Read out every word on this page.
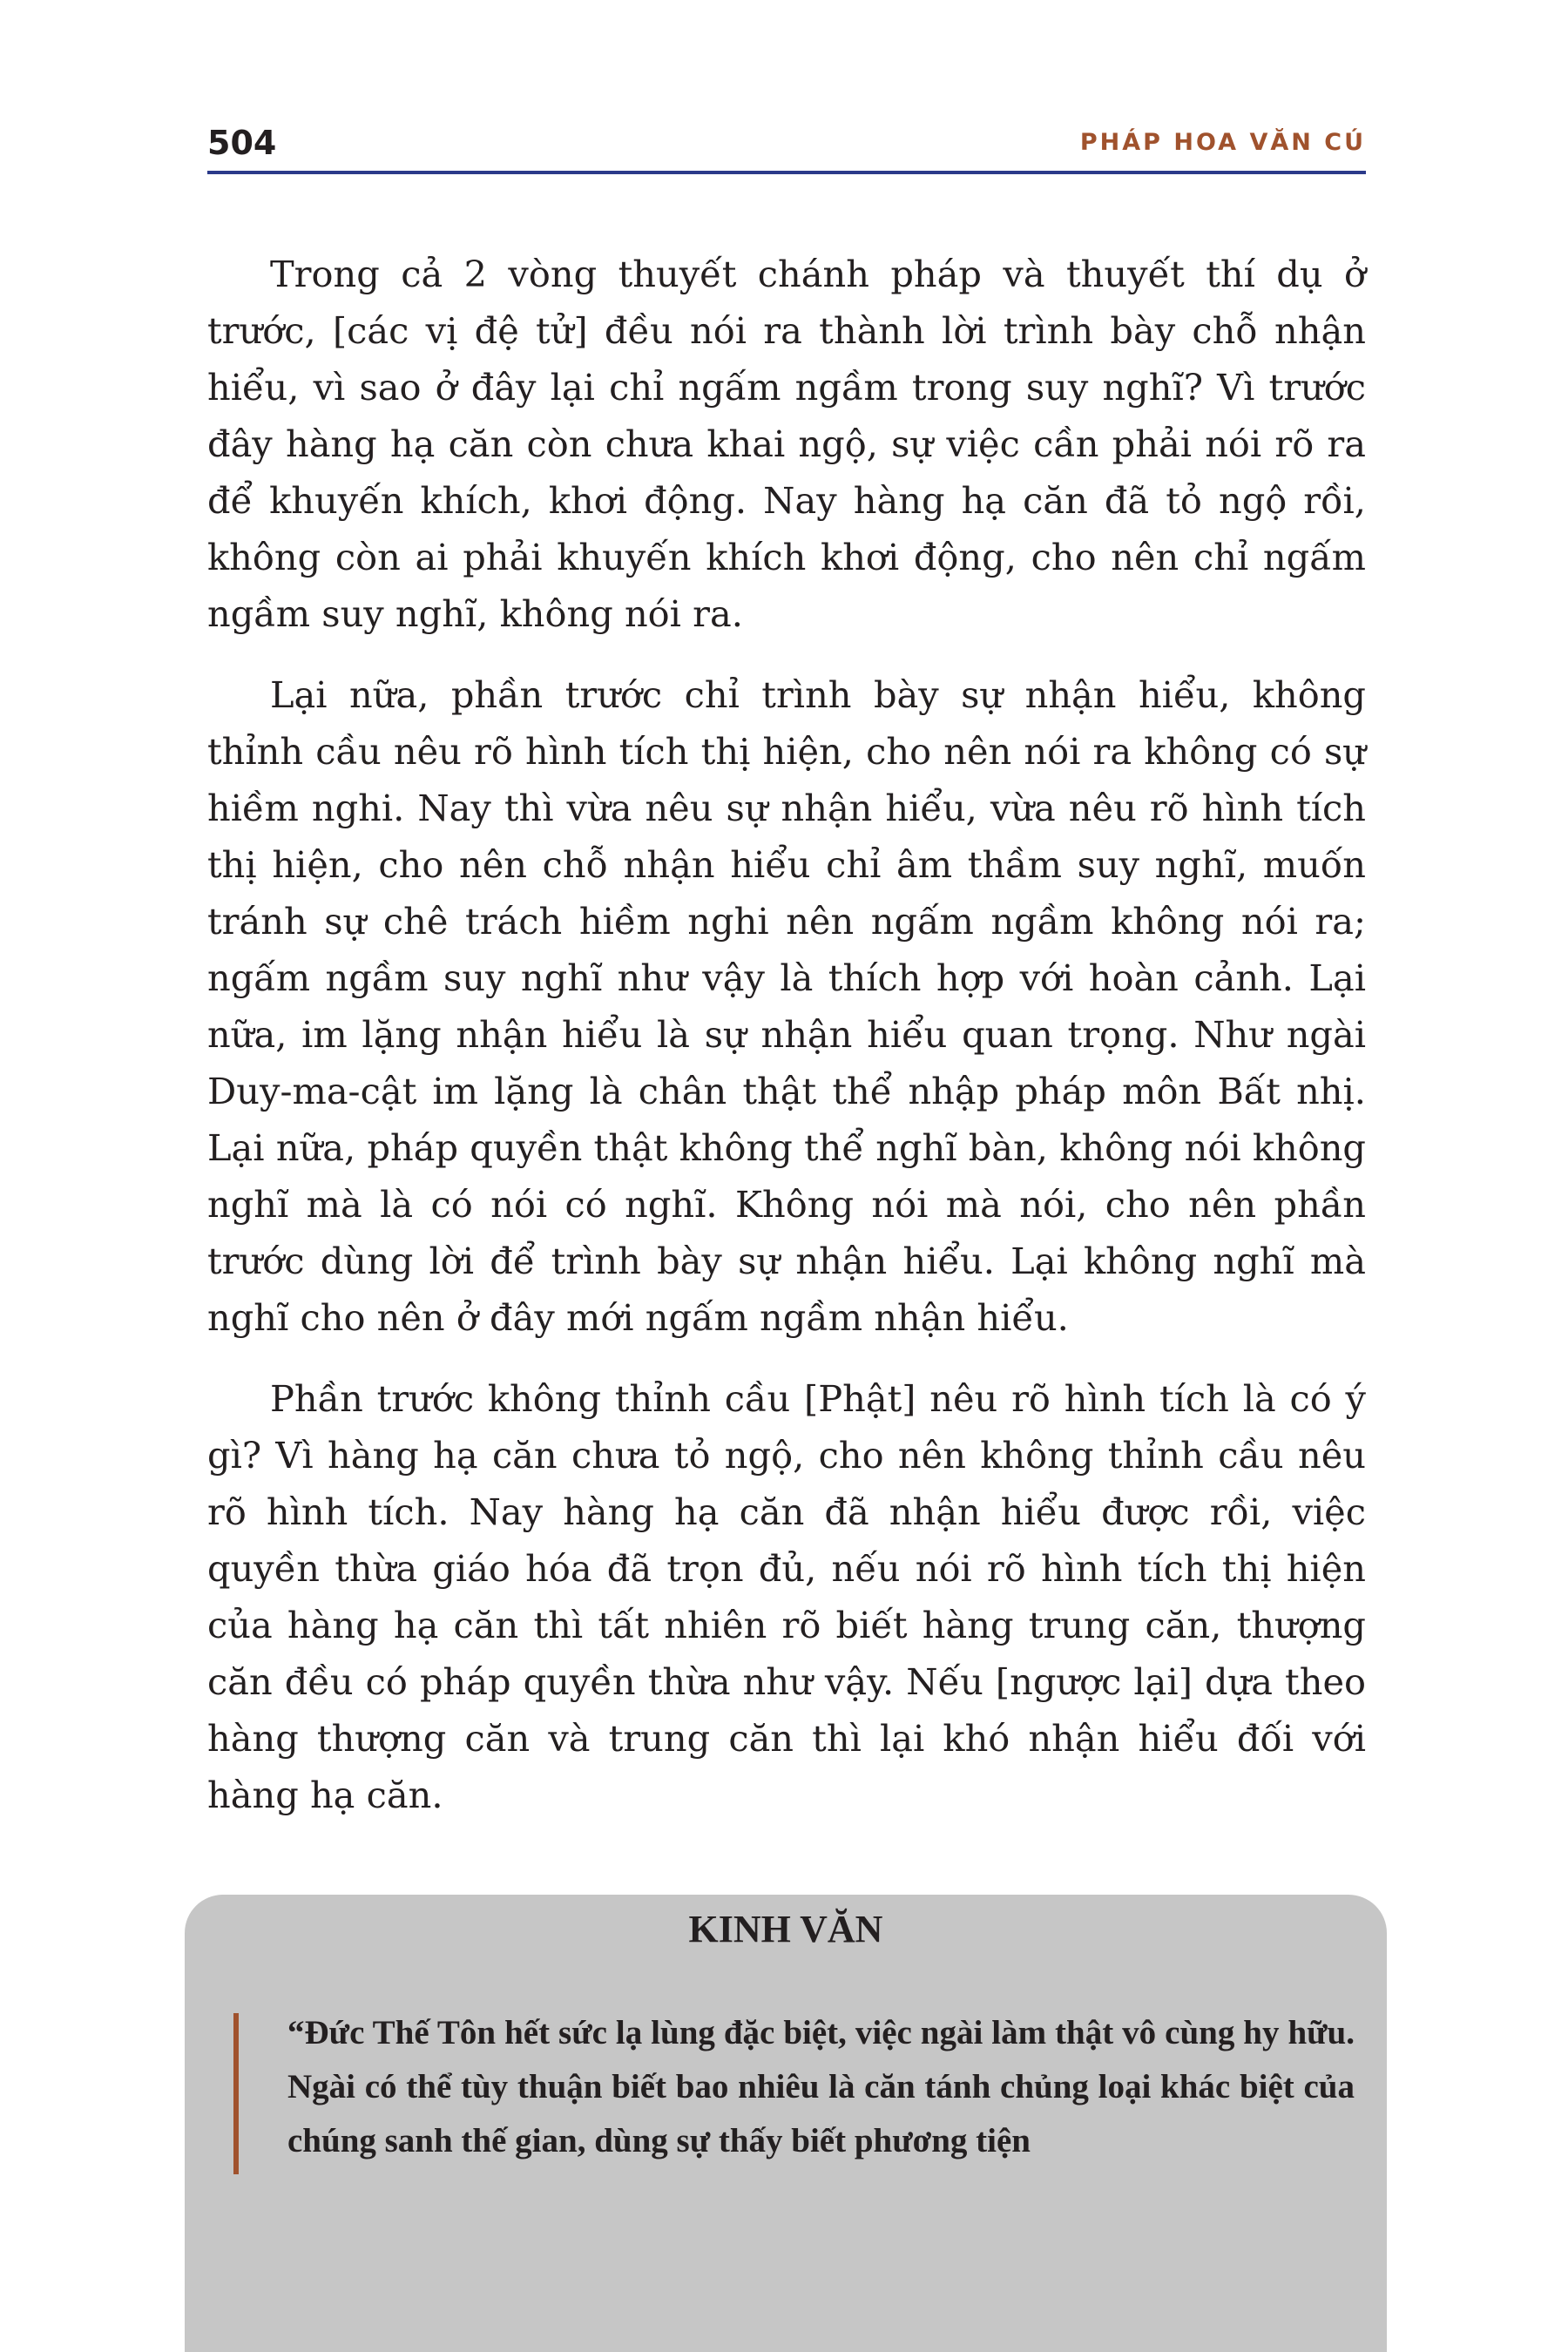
504	PHÁP HOA VĂN CÚ

Trong cả 2 vòng thuyết chánh pháp và thuyết thí dụ ở trước, [các vị đệ tử] đều nói ra thành lời trình bày chỗ nhận hiểu, vì sao ở đây lại chỉ ngấm ngầm trong suy nghĩ? Vì trước đây hàng hạ căn còn chưa khai ngộ, sự việc cần phải nói rõ ra để khuyến khích, khơi động. Nay hàng hạ căn đã tỏ ngộ rồi, không còn ai phải khuyến khích khơi động, cho nên chỉ ngấm ngầm suy nghĩ, không nói ra.

Lại nữa, phần trước chỉ trình bày sự nhận hiểu, không thỉnh cầu nêu rõ hình tích thị hiện, cho nên nói ra không có sự hiềm nghi. Nay thì vừa nêu sự nhận hiểu, vừa nêu rõ hình tích thị hiện, cho nên chỗ nhận hiểu chỉ âm thầm suy nghĩ, muốn tránh sự chê trách hiềm nghi nên ngấm ngầm không nói ra; ngấm ngầm suy nghĩ như vậy là thích hợp với hoàn cảnh. Lại nữa, im lặng nhận hiểu là sự nhận hiểu quan trọng. Như ngài Duy-ma-cật im lặng là chân thật thể nhập pháp môn Bất nhị. Lại nữa, pháp quyền thật không thể nghĩ bàn, không nói không nghĩ mà là có nói có nghĩ. Không nói mà nói, cho nên phần trước dùng lời để trình bày sự nhận hiểu. Lại không nghĩ mà nghĩ cho nên ở đây mới ngấm ngầm nhận hiểu.

Phần trước không thỉnh cầu [Phật] nêu rõ hình tích là có ý gì? Vì hàng hạ căn chưa tỏ ngộ, cho nên không thỉnh cầu nêu rõ hình tích. Nay hàng hạ căn đã nhận hiểu được rồi, việc quyền thừa giáo hóa đã trọn đủ, nếu nói rõ hình tích thị hiện của hàng hạ căn thì tất nhiên rõ biết hàng trung căn, thượng căn đều có pháp quyền thừa như vậy. Nếu [ngược lại] dựa theo hàng thượng căn và trung căn thì lại khó nhận hiểu đối với hàng hạ căn.

KINH VĂN
“Đức Thế Tôn hết sức lạ lùng đặc biệt, việc ngài làm thật vô cùng hy hữu. Ngài có thể tùy thuận biết bao nhiêu là căn tánh chủng loại khác biệt của chúng sanh thế gian, dùng sự thấy biết phương tiện
